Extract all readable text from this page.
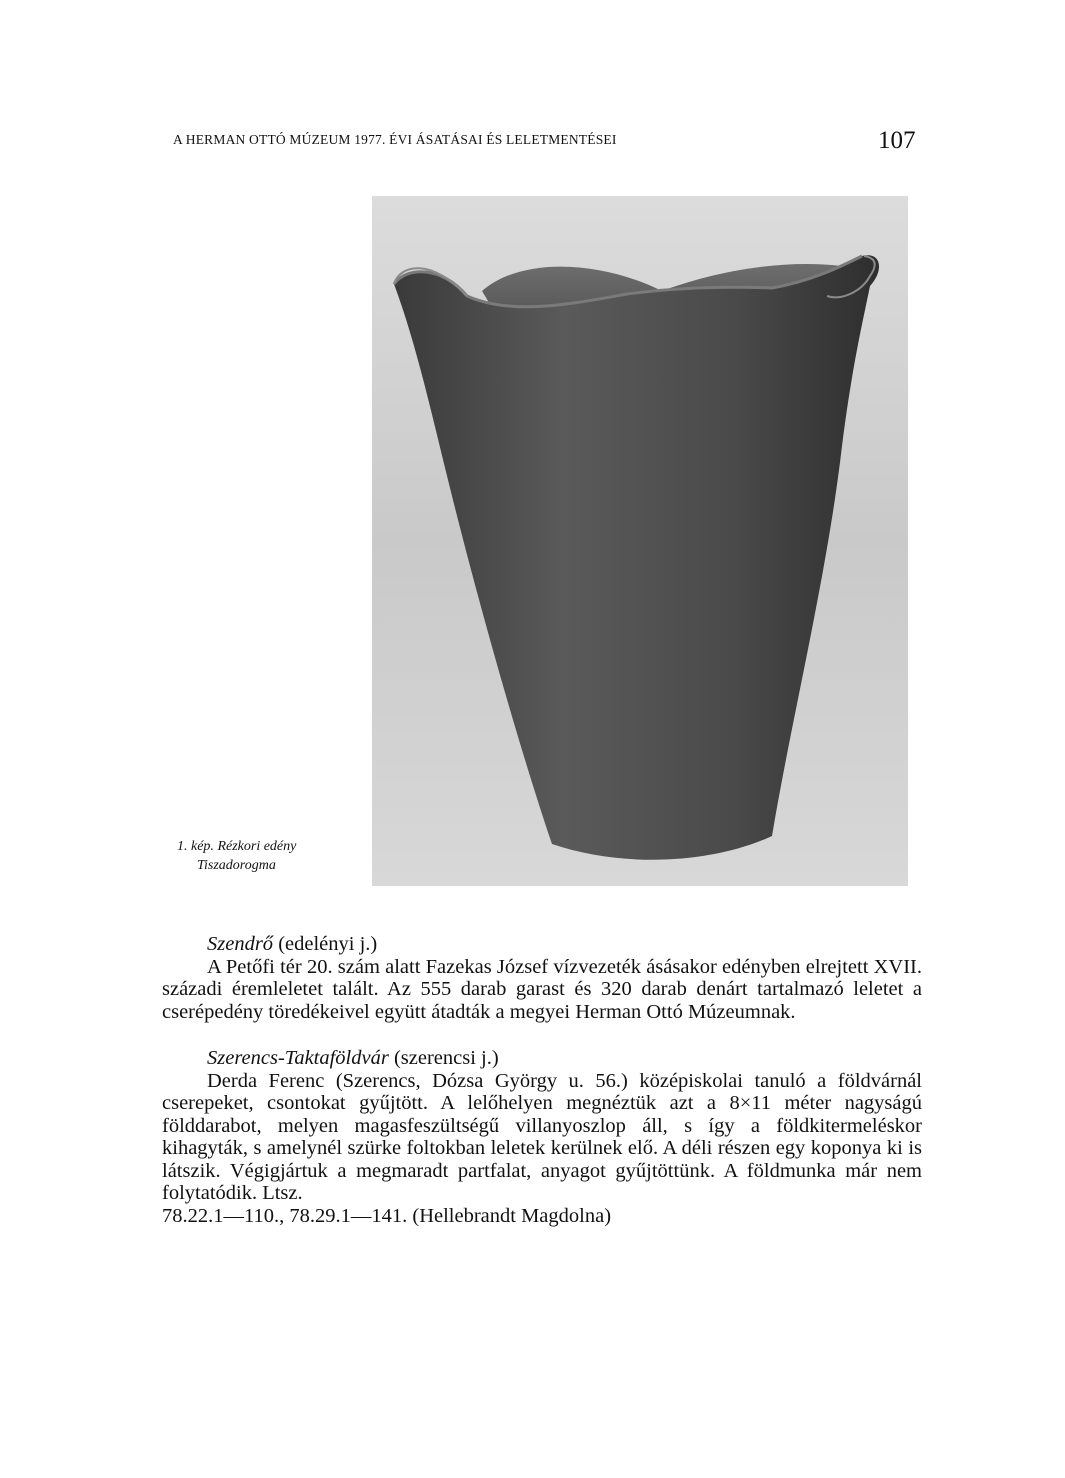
A HERMAN OTTÓ MÚZEUM 1977. ÉVI ÁSATÁSAI ÉS LELETMENTÉSEI	107
1. kép. Rézkori edény
Tiszadorogma
Szendrő (edelényi j.)

A Petőfi tér 20. szám alatt Fazekas József vízvezeték ásásakor edényben elrejtett XVII. századi éremleletet talált. Az 555 darab garast és 320 darab denárt tartalmazó leletet a cserépedény töredékeivel együtt átadták a megyei Herman Ottó Múzeumnak.

Szerencs-Taktaföldvár (szerencsi j.)

Derda Ferenc (Szerencs, Dózsa György u. 56.) középiskolai tanuló a földvárnál cserepeket, csontokat gyűjtött. A lelőhelyen megnéztük azt a 8×11 méter nagyságú földdarabot, melyen magasfeszültségű villanyoszlop áll, s így a földkitermeléskor kihagyták, s amelynél szürke foltokban leletek kerülnek elő. A déli részen egy koponya ki is látszik. Végigjártuk a megmaradt partfalat, anyagot gyűjtöttünk. A földmunka már nem folytatódik. Ltsz.

78.22.1—110., 78.29.1—141. (Hellebrandt Magdolna)
